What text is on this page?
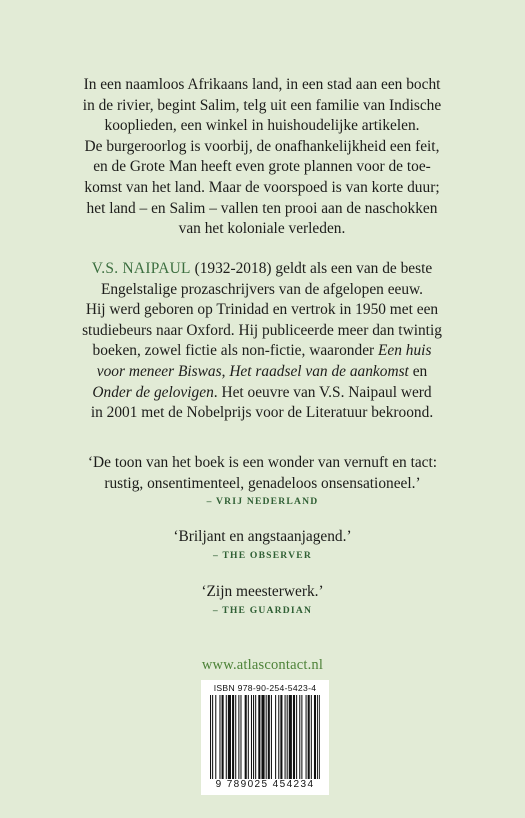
In een naamloos Afrikaans land, in een stad aan een bocht
in de rivier, begint Salim, telg uit een familie van Indische
kooplieden, een winkel in huishoudelijke artikelen.
De burgeroorlog is voorbij, de onafhankelijkheid een feit,
en de Grote Man heeft even grote plannen voor de toe-
komst van het land. Maar de voorspoed is van korte duur;
het land – en Salim – vallen ten prooi aan de naschokken
van het koloniale verleden.
V.S. NAIPAUL (1932-2018) geldt als een van de beste
Engelstalige prozaschrijvers van de afgelopen eeuw.
Hij werd geboren op Trinidad en vertrok in 1950 met een
studiebeurs naar Oxford. Hij publiceerde meer dan twintig
boeken, zowel fictie als non-fictie, waaronder Een huis
voor meneer Biswas, Het raadsel van de aankomst en
Onder de gelovigen. Het oeuvre van V.S. Naipaul werd
in 2001 met de Nobelprijs voor de Literatuur bekroond.
‘De toon van het boek is een wonder van vernuft en tact:
rustig, onsentimenteel, genadeloos onsensationeel.’
– VRIJ NEDERLAND
‘Briljant en angstaanjagend.’
– THE OBSERVER
‘Zijn meesterwerk.’
– THE GUARDIAN
www.atlascontact.nl
ISBN 978-90-254-5423-4
9 789025 454234
